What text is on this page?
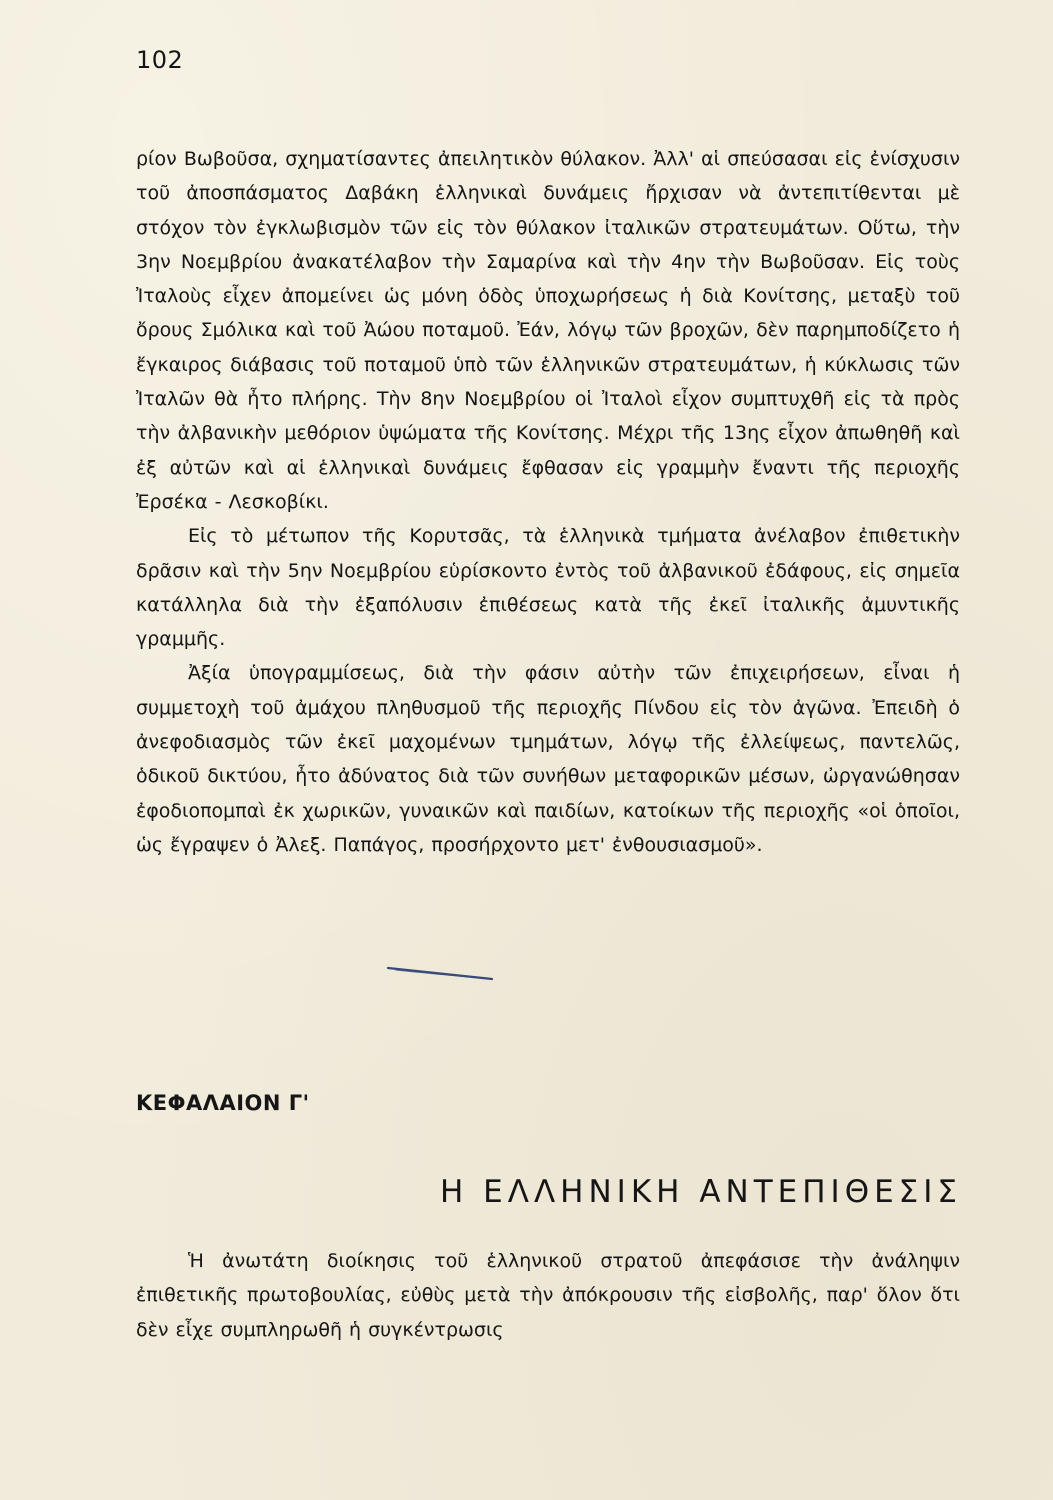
102

ρίον Βωβοῦσα, σχηματίσαντες ἀπειλητικὸν θύλακον. Ἀλλ' αἱ σπεύσασαι εἰς ἐνίσχυσιν τοῦ ἀποσπάσματος Δαβάκη ἑλληνικαὶ δυνάμεις ἤρχισαν νὰ ἀντεπιτίθενται μὲ στόχον τὸν ἐγκλωβισμὸν τῶν εἰς τὸν θύλακον ἰταλικῶν στρατευμάτων. Οὕτω, τὴν 3ην Νοεμβρίου ἀνακατέλαβον τὴν Σαμαρίνα καὶ τὴν 4ην τὴν Βωβοῦσαν. Εἰς τοὺς Ἰταλοὺς εἶχεν ἀπομείνει ὡς μόνη ὁδὸς ὑποχωρήσεως ἡ διὰ Κονίτσης, μεταξὺ τοῦ ὄρους Σμόλικα καὶ τοῦ Ἀώου ποταμοῦ. Ἐάν, λόγῳ τῶν βροχῶν, δὲν παρημποδίζετο ἡ ἔγκαιρος διάβασις τοῦ ποταμοῦ ὑπὸ τῶν ἑλληνικῶν στρατευμάτων, ἡ κύκλωσις τῶν Ἰταλῶν θὰ ἦτο πλήρης. Τὴν 8ην Νοεμβρίου οἱ Ἰταλοὶ εἶχον συμπτυχθῆ εἰς τὰ πρὸς τὴν ἀλβανικὴν μεθόριον ὑψώματα τῆς Κονίτσης. Μέχρι τῆς 13ης εἶχον ἀπωθηθῆ καὶ ἐξ αὐτῶν καὶ αἱ ἑλληνικαὶ δυνάμεις ἔφθασαν εἰς γραμμὴν ἔναντι τῆς περιοχῆς Ἐρσέκα - Λεσκοβίκι.

Εἰς τὸ μέτωπον τῆς Κορυτσᾶς, τὰ ἑλληνικὰ τμήματα ἀνέλαβον ἐπιθετικὴν δρᾶσιν καὶ τὴν 5ην Νοεμβρίου εὑρίσκοντο ἐντὸς τοῦ ἀλβανικοῦ ἐδάφους, εἰς σημεῖα κατάλληλα διὰ τὴν ἐξαπόλυσιν ἐπιθέσεως κατὰ τῆς ἐκεῖ ἰταλικῆς ἀμυντικῆς γραμμῆς.

Ἀξία ὑπογραμμίσεως, διὰ τὴν φάσιν αὐτὴν τῶν ἐπιχειρήσεων, εἶναι ἡ συμμετοχὴ τοῦ ἀμάχου πληθυσμοῦ τῆς περιοχῆς Πίνδου εἰς τὸν ἀγῶνα. Ἐπειδὴ ὁ ἀνεφοδιασμὸς τῶν ἐκεῖ μαχομένων τμημάτων, λόγῳ τῆς ἐλλείψεως, παντελῶς, ὁδικοῦ δικτύου, ἦτο ἀδύνατος διὰ τῶν συνήθων μεταφορικῶν μέσων, ὠργανώθησαν ἐφοδιοπομπαὶ ἐκ χωρικῶν, γυναικῶν καὶ παιδίων, κατοίκων τῆς περιοχῆς «οἱ ὁποῖοι, ὡς ἔγραψεν ὁ Ἀλεξ. Παπάγος, προσήρχοντο μετ' ἐνθουσιασμοῦ».

ΚΕΦΑΛΑΙΟΝ Γ'
Η ΕΛΛΗΝΙΚΗ ΑΝΤΕΠΙΘΕΣΙΣ

Ἡ ἀνωτάτη διοίκησις τοῦ ἑλληνικοῦ στρατοῦ ἀπεφάσισε τὴν ἀνάληψιν ἐπιθετικῆς πρωτοβουλίας, εὐθὺς μετὰ τὴν ἀπόκρουσιν τῆς εἰσβολῆς, παρ' ὅλον ὅτι δὲν εἶχε συμπληρωθῆ ἡ συγκέντρωσις
